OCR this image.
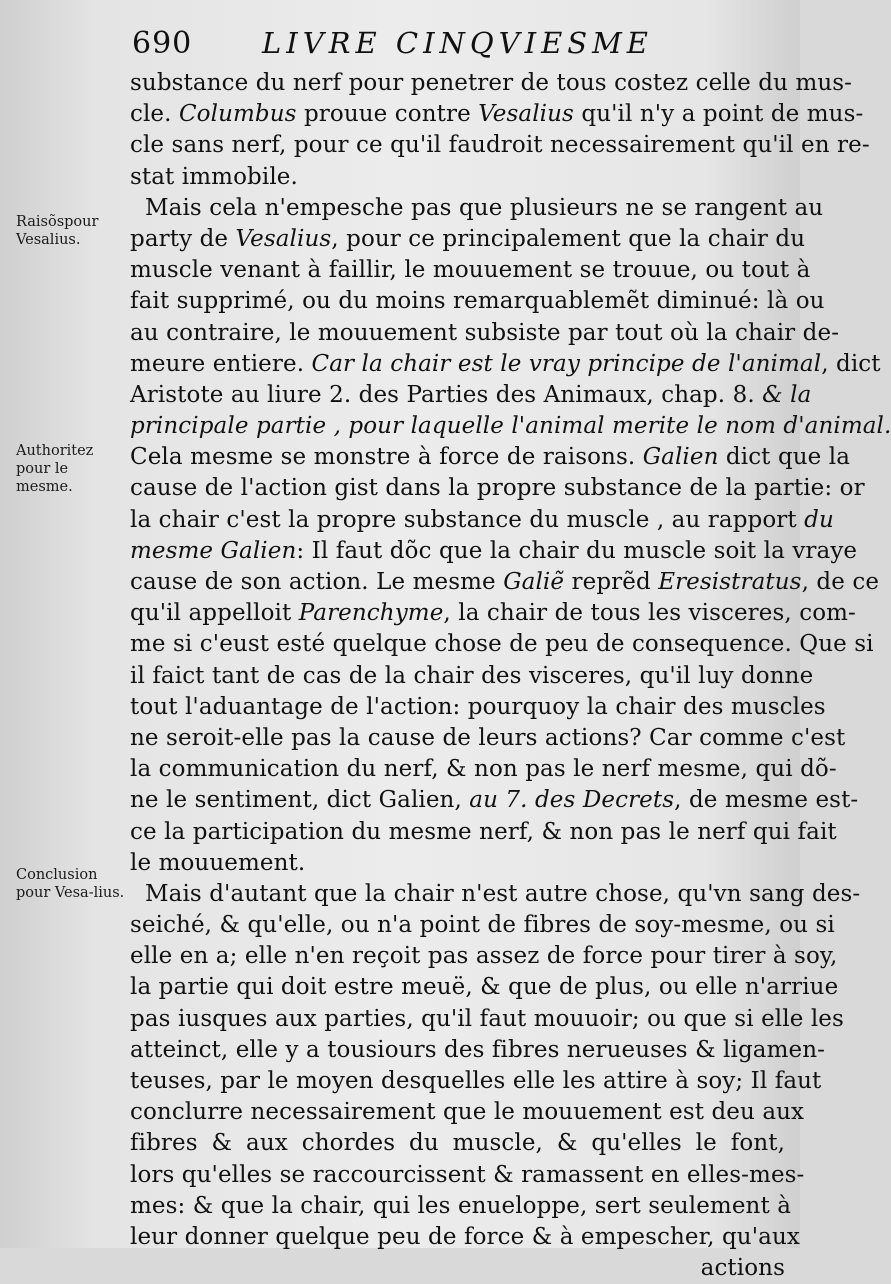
690 LIVRE CINQVIESME
Raisõspour Vesalius.
Authoritez pour le mesme.
Conclusion pour Vesa-lius.
substance du nerf pour penetrer de tous costez celle du mus-
cle. Columbus prouue contre Vesalius qu'il n'y a point de mus-
cle sans nerf, pour ce qu'il faudroit necessairement qu'il en re-
stat immobile.
Mais cela n'empesche pas que plusieurs ne se rangent au
party de Vesalius, pour ce principalement que la chair du
muscle venant à faillir, le mouuement se trouue, ou tout à
fait supprimé, ou du moins remarquablemẽt diminué: là ou
au contraire, le mouuement subsiste par tout où la chair de-
meure entiere. Car la chair est le vray principe de l'animal, dict
Aristote au liure 2. des Parties des Animaux, chap. 8. & la
principale partie , pour laquelle l'animal merite le nom d'animal.
Cela mesme se monstre à force de raisons. Galien dict que la
cause de l'action gist dans la propre substance de la partie: or
la chair c'est la propre substance du muscle , au rapport du
mesme Galien: Il faut dõc que la chair du muscle soit la vraye
cause de son action. Le mesme Galiẽ reprẽd Eresistratus, de ce
qu'il appelloit Parenchyme, la chair de tous les visceres, com-
me si c'eust esté quelque chose de peu de consequence. Que si
il faict tant de cas de la chair des visceres, qu'il luy donne
tout l'aduantage de l'action: pourquoy la chair des muscles
ne seroit-elle pas la cause de leurs actions? Car comme c'est
la communication du nerf, & non pas le nerf mesme, qui dõ-
ne le sentiment, dict Galien, au 7. des Decrets, de mesme est-
ce la participation du mesme nerf, & non pas le nerf qui fait
le mouuement.
Mais d'autant que la chair n'est autre chose, qu'vn sang des-
seiché, & qu'elle, ou n'a point de fibres de soy-mesme, ou si
elle en a; elle n'en reçoit pas assez de force pour tirer à soy,
la partie qui doit estre meuë, & que de plus, ou elle n'arriue
pas iusques aux parties, qu'il faut mouuoir; ou que si elle les
atteinct, elle y a tousiours des fibres nerueuses & ligamen-
teuses, par le moyen desquelles elle les attire à soy; Il faut
conclurre necessairement que le mouuement est deu aux
fibres & aux chordes du muscle, & qu'elles le font,
lors qu'elles se raccourcissent & ramassent en elles-mes-
mes: & que la chair, qui les enueloppe, sert seulement à
leur donner quelque peu de force & à empescher, qu'aux
actions
